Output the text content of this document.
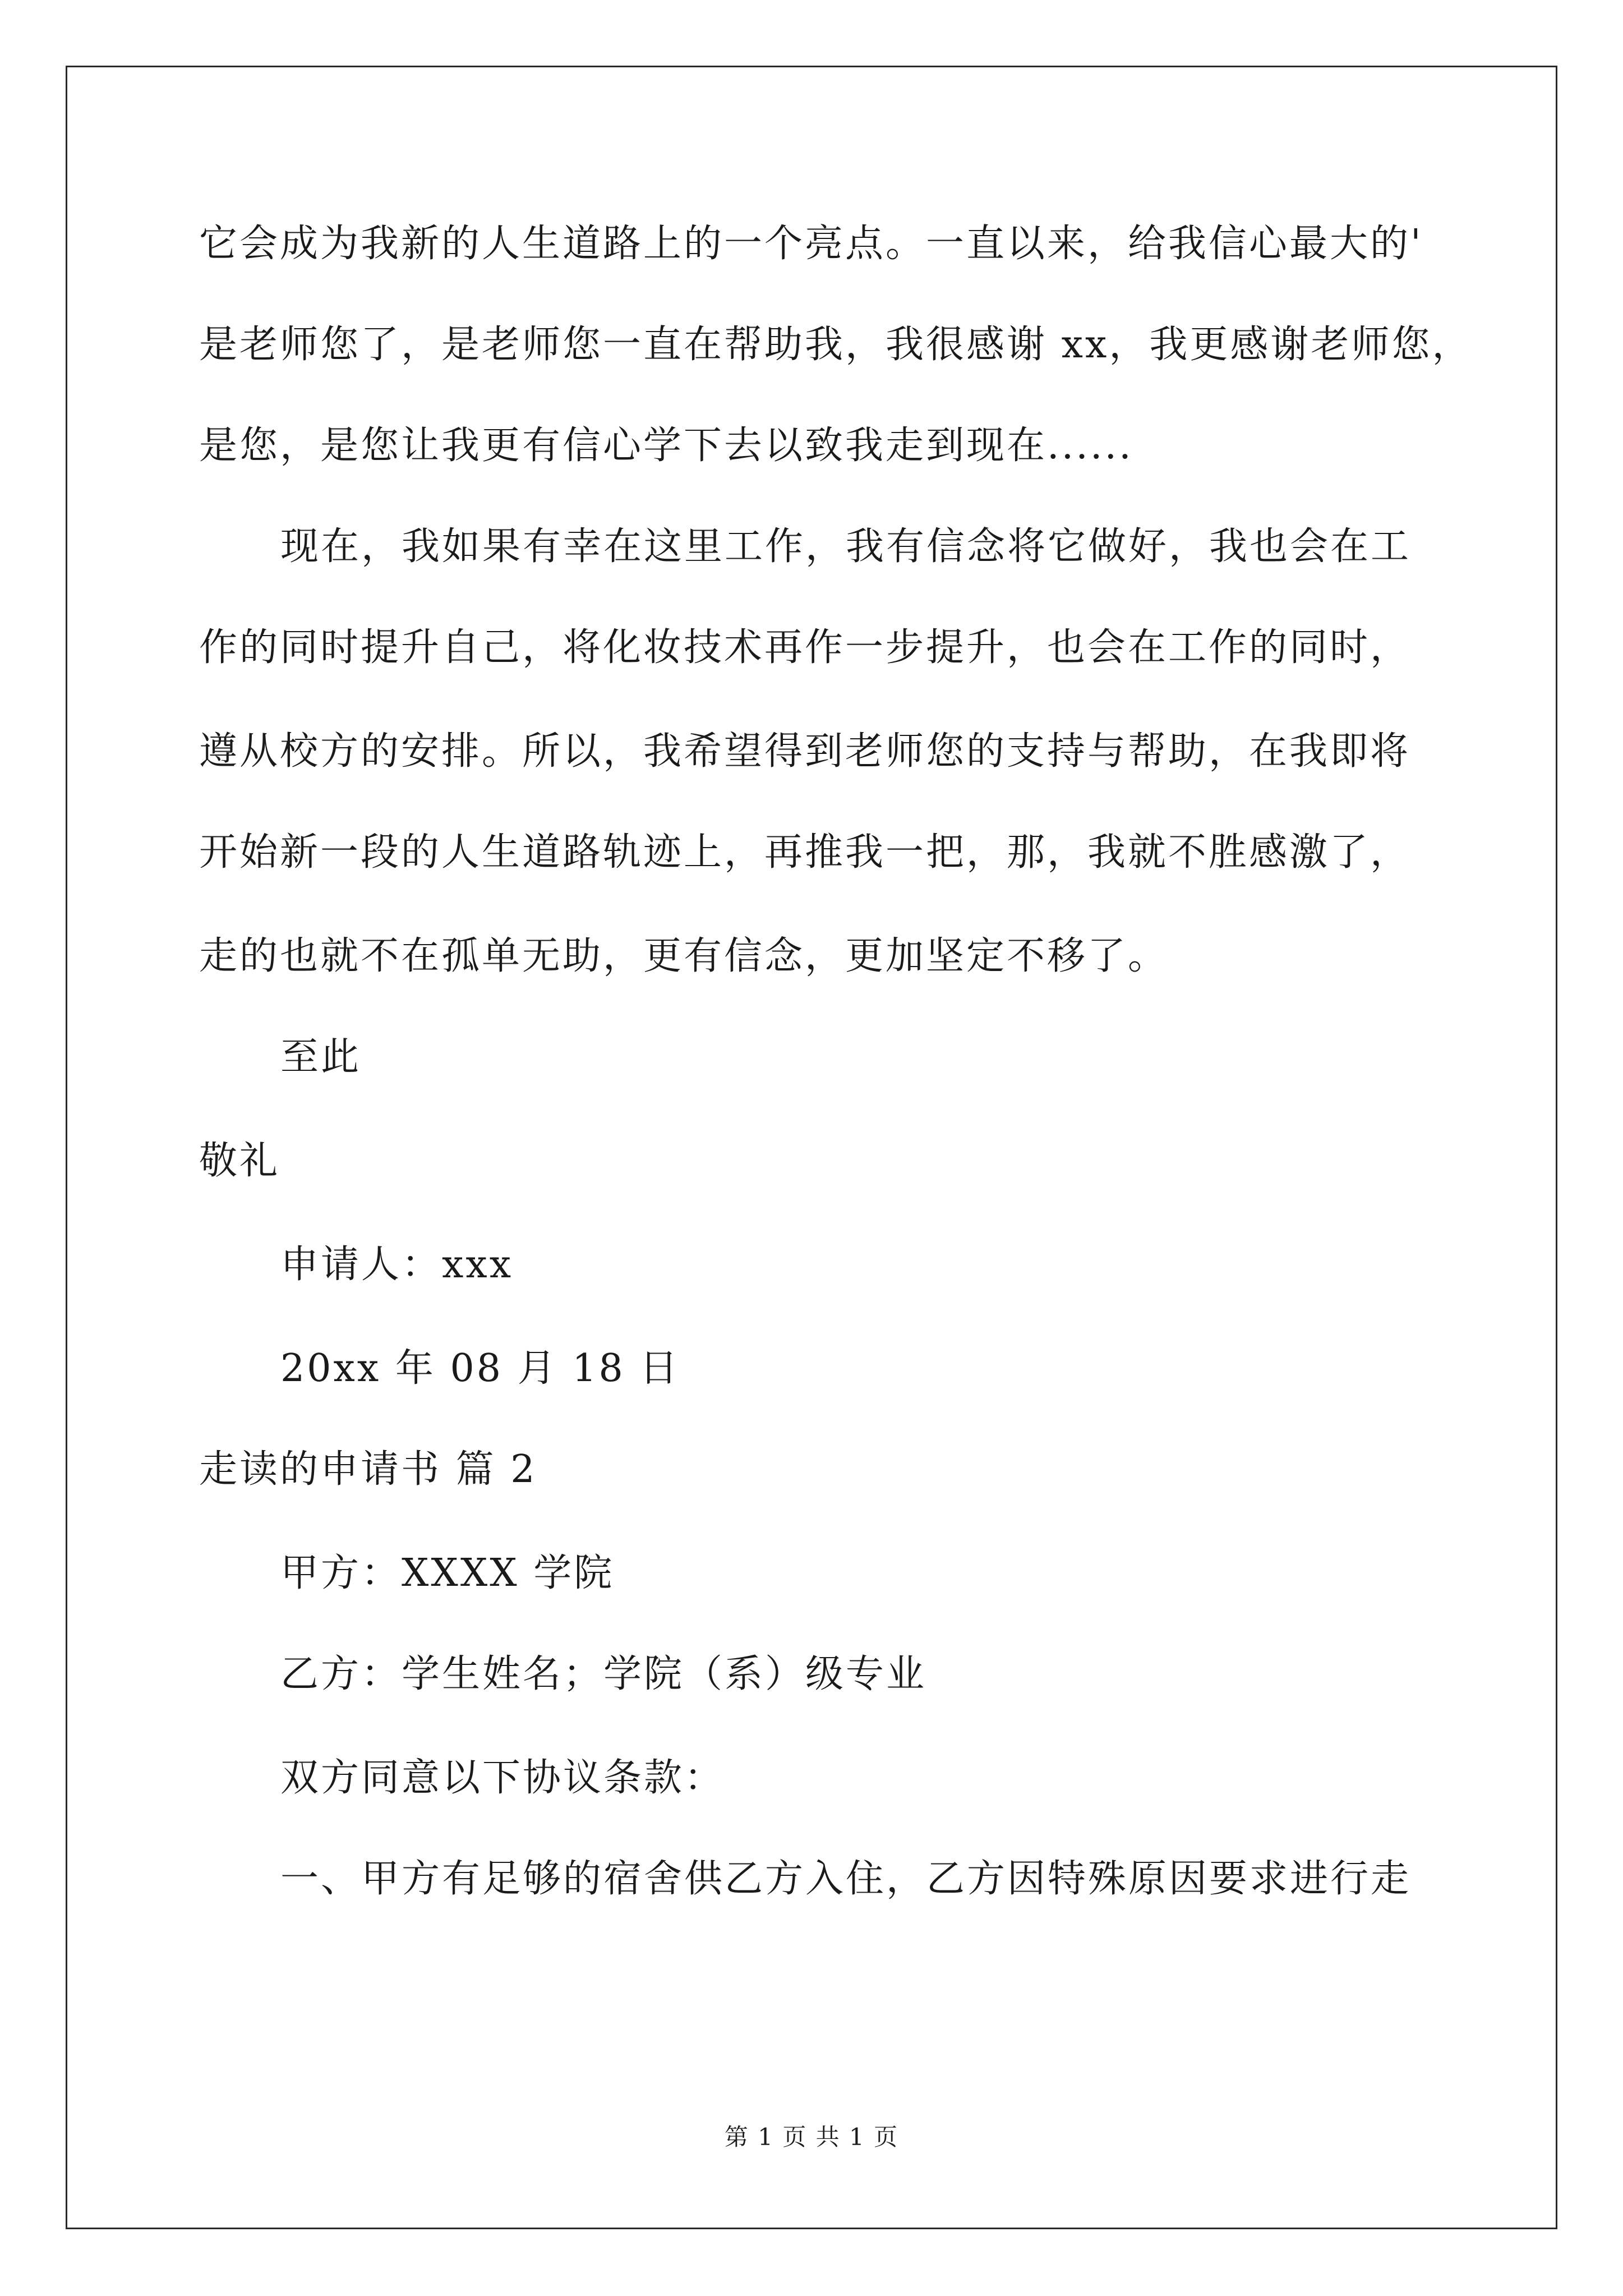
它会成为我新的人生道路上的一个亮点。一直以来，给我信心最大的'
是老师您了，是老师您一直在帮助我，我很感谢 xx，我更感谢老师您，
是您，是您让我更有信心学下去以致我走到现在......
现在，我如果有幸在这里工作，我有信念将它做好，我也会在工
作的同时提升自己，将化妆技术再作一步提升，也会在工作的同时，
遵从校方的安排。所以，我希望得到老师您的支持与帮助，在我即将
开始新一段的人生道路轨迹上，再推我一把，那，我就不胜感激了，
走的也就不在孤单无助，更有信念，更加坚定不移了。
至此
敬礼
申请人：xxx
20xx 年 08 月 18 日
走读的申请书 篇 2
甲方：XXXX 学院
乙方：学生姓名；学院（系）级专业
双方同意以下协议条款：
一、甲方有足够的宿舍供乙方入住，乙方因特殊原因要求进行走
第 1 页 共 1 页
